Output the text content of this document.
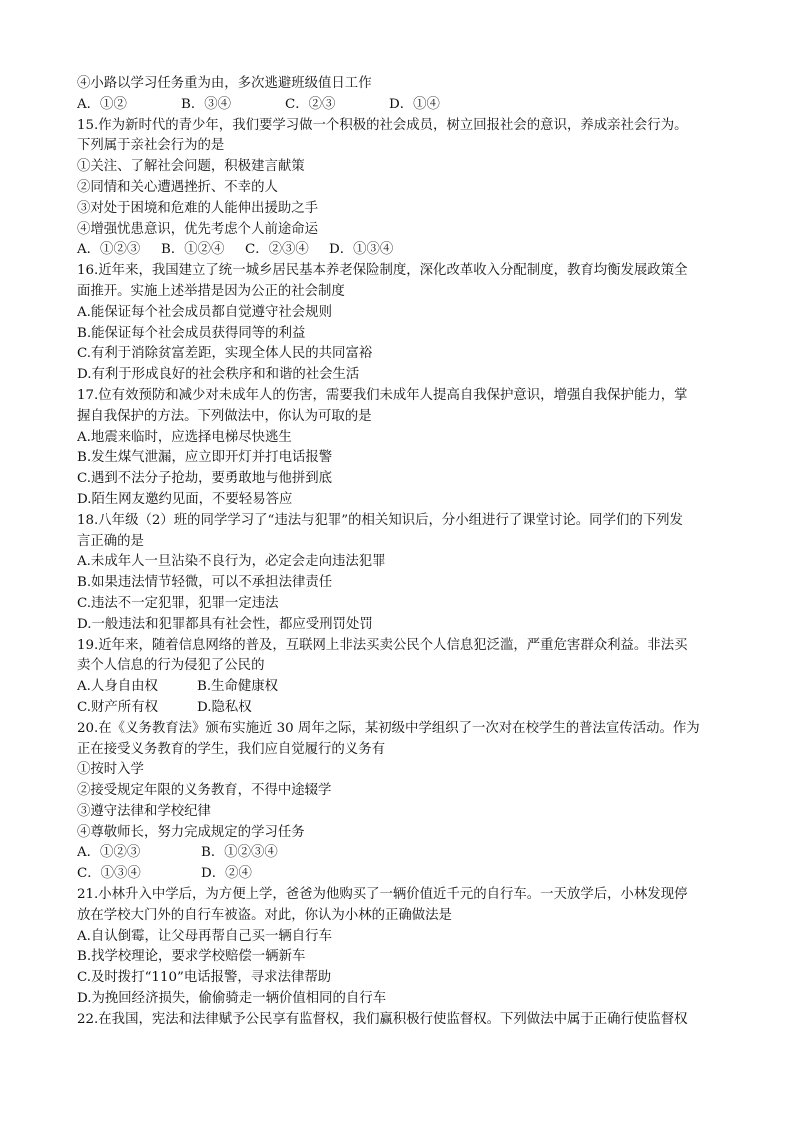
④小路以学习任务重为由，多次逃避班级值日工作
A．①②	B．③④	C．②③	D．①④
15.作为新时代的青少年，我们要学习做一个积极的社会成员，树立回报社会的意识，养成亲社会行为。
下列属于亲社会行为的是
①关注、了解社会问题，积极建言献策
②同情和关心遭遇挫折、不幸的人
③对处于困境和危难的人能伸出援助之手
④增强忧患意识，优先考虑个人前途命运
A．①②③	B．①②④	C．②③④	D．①③④
16.近年来，我国建立了统一城乡居民基本养老保险制度，深化改革收入分配制度，教育均衡发展政策全
面推开。实施上述举措是因为公正的社会制度
A.能保证每个社会成员都自觉遵守社会规则
B.能保证每个社会成员获得同等的利益
C.有利于消除贫富差距，实现全体人民的共同富裕
D.有利于形成良好的社会秩序和和谐的社会生活
17.位有效预防和减少对未成年人的伤害，需要我们未成年人提高自我保护意识，增强自我保护能力，掌
握自我保护的方法。下列做法中，你认为可取的是
A.地震来临时，应选择电梯尽快逃生
B.发生煤气泄漏，应立即开灯并打电话报警
C.遇到不法分子抢劫，要勇敢地与他拼到底
D.陌生网友邀约见面，不要轻易答应
18.八年级（2）班的同学学习了“违法与犯罪”的相关知识后，分小组进行了课堂讨论。同学们的下列发
言正确的是
A.未成年人一旦沾染不良行为，必定会走向违法犯罪
B.如果违法情节轻微，可以不承担法律责任
C.违法不一定犯罪，犯罪一定违法
D.一般违法和犯罪都具有社会性，都应受刑罚处罚
19.近年来，随着信息网络的普及，互联网上非法买卖公民个人信息犯泛滥，严重危害群众利益。非法买
卖个人信息的行为侵犯了公民的
A.人身自由权	B.生命健康权
C.财产所有权	D.隐私权
20.在《义务教育法》颁布实施近 30 周年之际，某初级中学组织了一次对在校学生的普法宣传活动。作为
正在接受义务教育的学生，我们应自觉履行的义务有
①按时入学
②接受规定年限的义务教育，不得中途辍学
③遵守法律和学校纪律
④尊敬师长，努力完成规定的学习任务
A．①②③	B．①②③④
C．①③④	D．②④
21.小林升入中学后，为方便上学，爸爸为他购买了一辆价值近千元的自行车。一天放学后，小林发现停
放在学校大门外的自行车被盗。对此，你认为小林的正确做法是
A.自认倒霉，让父母再帮自己买一辆自行车
B.找学校理论，要求学校赔偿一辆新车
C.及时拨打“110”电话报警，寻求法律帮助
D.为挽回经济损失，偷偷骑走一辆价值相同的自行车
22.在我国，宪法和法律赋予公民享有监督权，我们赢积极行使监督权。下列做法中属于正确行使监督权
